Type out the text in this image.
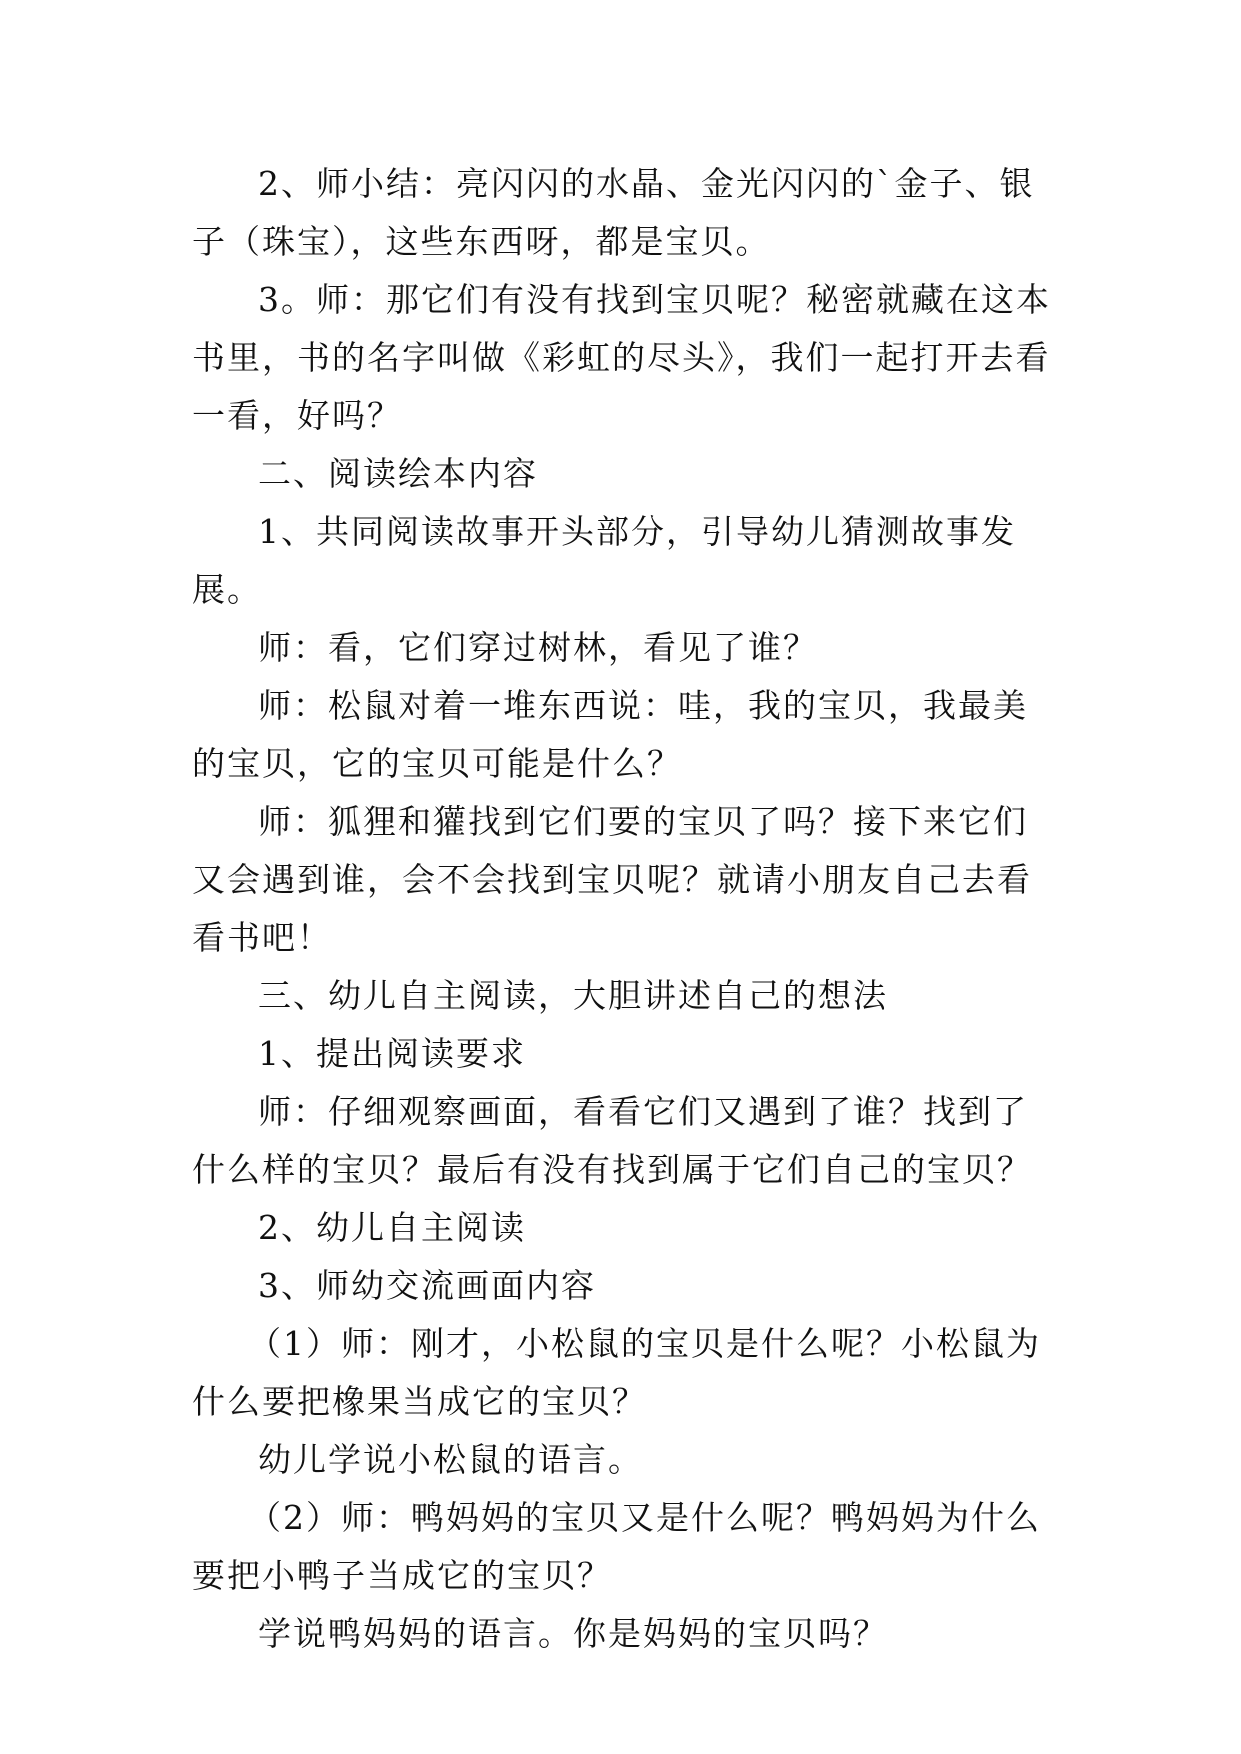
2、师小结：亮闪闪的水晶、金光闪闪的`金子、银子（珠宝），这些东西呀，都是宝贝。

3。师：那它们有没有找到宝贝呢？秘密就藏在这本书里，书的名字叫做《彩虹的尽头》，我们一起打开去看一看，好吗？

二、阅读绘本内容

1、共同阅读故事开头部分，引导幼儿猜测故事发展。

师：看，它们穿过树林，看见了谁？

师：松鼠对着一堆东西说：哇，我的宝贝，我最美的宝贝，它的宝贝可能是什么？

师：狐狸和獾找到它们要的宝贝了吗？接下来它们又会遇到谁，会不会找到宝贝呢？就请小朋友自己去看看书吧！

三、幼儿自主阅读，大胆讲述自己的想法

1、提出阅读要求

师：仔细观察画面，看看它们又遇到了谁？找到了什么样的宝贝？最后有没有找到属于它们自己的宝贝？

2、幼儿自主阅读

3、师幼交流画面内容

（1）师：刚才，小松鼠的宝贝是什么呢？小松鼠为什么要把橡果当成它的宝贝？

幼儿学说小松鼠的语言。

（2）师：鸭妈妈的宝贝又是什么呢？鸭妈妈为什么要把小鸭子当成它的宝贝？

学说鸭妈妈的语言。你是妈妈的宝贝吗？
